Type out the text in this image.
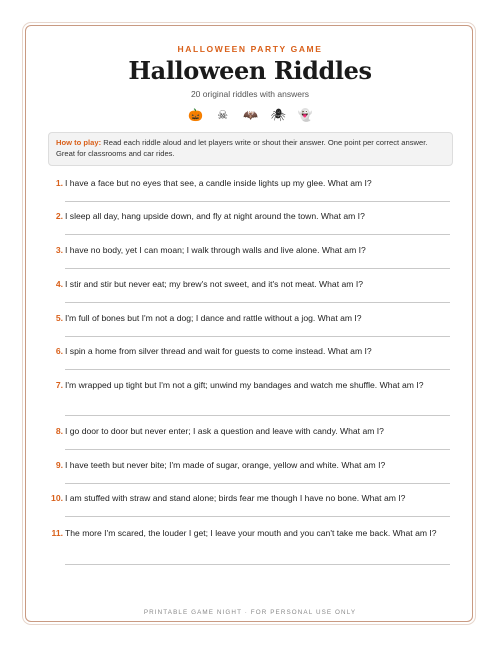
HALLOWEEN PARTY GAME
Halloween Riddles
20 original riddles with answers
🎃 ☠ 🦇 🕷 👻
How to play: Read each riddle aloud and let players write or shout their answer. One point per correct answer. Great for classrooms and car rides.
1. I have a face but no eyes that see, a candle inside lights up my glee. What am I?
2. I sleep all day, hang upside down, and fly at night around the town. What am I?
3. I have no body, yet I can moan; I walk through walls and live alone. What am I?
4. I stir and stir but never eat; my brew's not sweet, and it's not meat. What am I?
5. I'm full of bones but I'm not a dog; I dance and rattle without a jog. What am I?
6. I spin a home from silver thread and wait for guests to come instead. What am I?
7. I'm wrapped up tight but I'm not a gift; unwind my bandages and watch me shuffle. What am I?
8. I go door to door but never enter; I ask a question and leave with candy. What am I?
9. I have teeth but never bite; I'm made of sugar, orange, yellow and white. What am I?
10. I am stuffed with straw and stand alone; birds fear me though I have no bone. What am I?
11. The more I'm scared, the louder I get; I leave your mouth and you can't take me back. What am I?
PRINTABLE GAME NIGHT · FOR PERSONAL USE ONLY
